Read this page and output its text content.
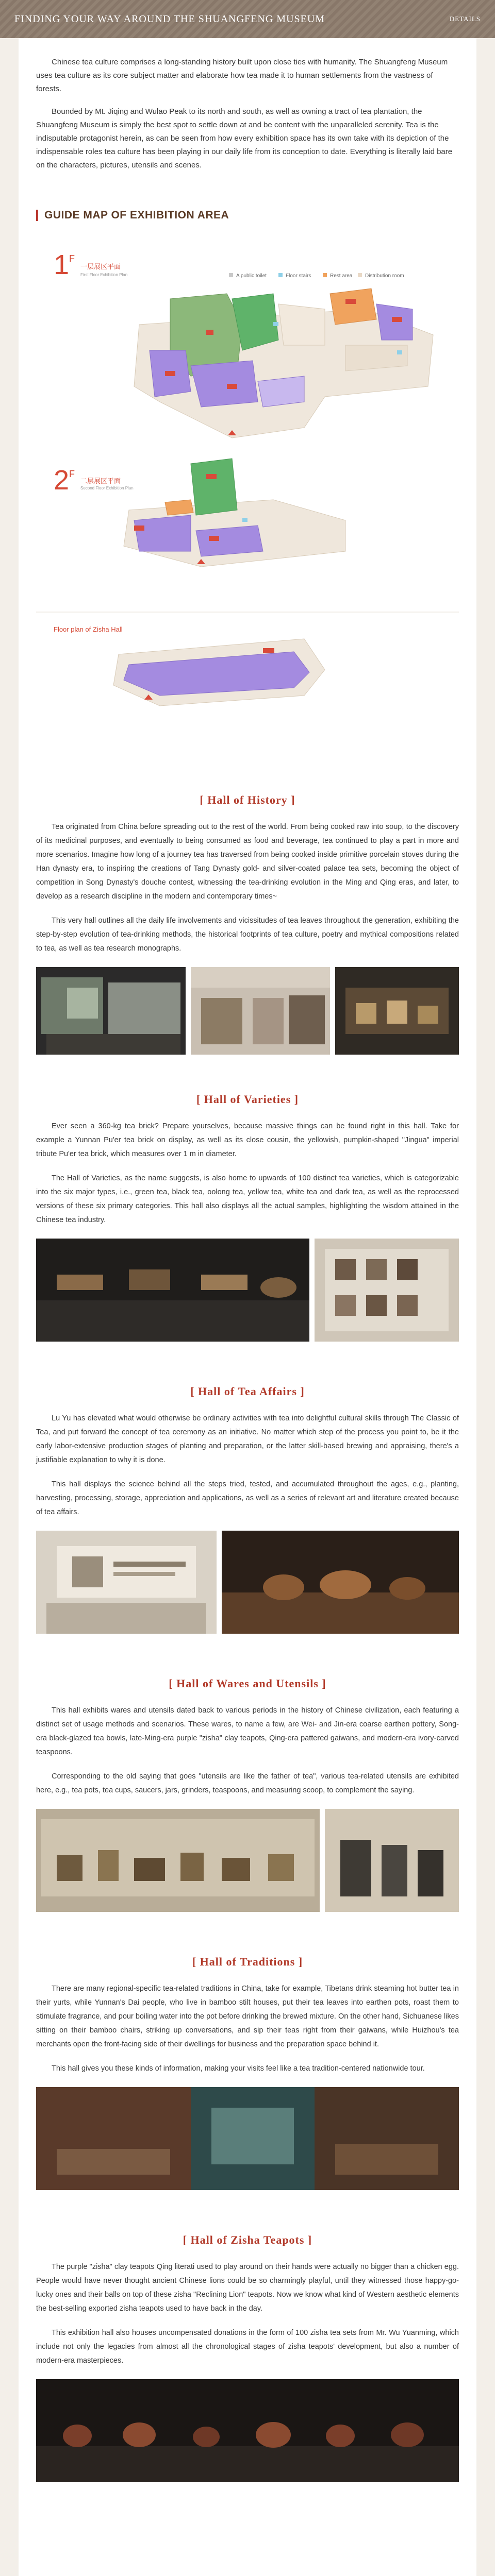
FINDING YOUR WAY AROUND THE SHUANGFENG MUSEUM	DETAILS

Chinese tea culture comprises a long-standing history built upon close ties with humanity. The Shuangfeng Museum uses tea culture as its core subject matter and elaborate how tea made it to human settlements from the vastness of forests.

Bounded by Mt. Jiqing and Wulao Peak to its north and south, as well as owning a tract of tea plantation, the Shuangfeng Museum is simply the best spot to settle down at and be content with the unparalleled serenity. Tea is the indisputable protagonist herein, as can be seen from how every exhibition space has its own take with its depiction of the indispensable roles tea culture has been playing in our daily life from its conception to date. Everything is literally laid bare on the characters, pictures, utensils and scenes.

GUIDE MAP OF EXHIBITION AREA
1 F
一层展区平面
First Floor Exhibition Plan	A public toilet	Floor stairs	Rest area Distribution room
2 F
二层展区平面
Second Floor Exhibition Plan
Floor plan of Zisha Hall
[ Hall of History ]

Tea originated from China before spreading out to the rest of the world. From being cooked raw into soup, to the discovery of its medicinal purposes, and eventually to being consumed as food and beverage, tea continued to play a part in more and more scenarios. Imagine how long of a journey tea has traversed from being cooked inside primitive porcelain stoves during the Han dynasty era, to inspiring the creations of Tang Dynasty gold- and silver-coated palace tea sets, becoming the object of competition in Song Dynasty's douche contest, witnessing the tea-drinking evolution in the Ming and Qing eras, and later, to develop as a research discipline in the modern and contemporary times~

This very hall outlines all the daily life involvements and vicissitudes of tea leaves throughout the generation, exhibiting the step-by-step evolution of tea-drinking methods, the historical footprints of tea culture, poetry and mythical compositions related to tea, as well as tea research monographs.

[ Hall of Varieties ]

Ever seen a 360-kg tea brick? Prepare yourselves, because massive things can be found right in this hall. Take for example a Yunnan Pu'er tea brick on display, as well as its close cousin, the yellowish, pumpkin-shaped "Jingua" imperial tribute Pu'er tea brick, which measures over 1 m in diameter.

The Hall of Varieties, as the name suggests, is also home to upwards of 100 distinct tea varieties, which is categorizable into the six major types, i.e., green tea, black tea, oolong tea, yellow tea, white tea and dark tea, as well as the reprocessed versions of these six primary categories. This hall also displays all the actual samples, highlighting the wisdom attained in the Chinese tea industry.

[ Hall of Tea Affairs ]

Lu Yu has elevated what would otherwise be ordinary activities with tea into delightful cultural skills through The Classic of Tea, and put forward the concept of tea ceremony as an initiative. No matter which step of the process you point to, be it the early labor-extensive production stages of planting and preparation, or the latter skill-based brewing and appraising, there's a justifiable explanation to why it is done.

This hall displays the science behind all the steps tried, tested, and accumulated throughout the ages, e.g., planting, harvesting, processing, storage, appreciation and applications, as well as a series of relevant art and literature created because of tea affairs.

[ Hall of Wares and Utensils ]

This hall exhibits wares and utensils dated back to various periods in the history of Chinese civilization, each featuring a distinct set of usage methods and scenarios. These wares, to name a few, are Wei- and Jin-era coarse earthen pottery, Song-era black-glazed tea bowls, late-Ming-era purple "zisha" clay teapots, Qing-era pattered gaiwans, and modern-era ivory-carved teaspoons.

Corresponding to the old saying that goes "utensils are like the father of tea", various tea-related utensils are exhibited here, e.g., tea pots, tea cups, saucers, jars, grinders, teaspoons, and measuring scoop, to complement the saying.

[ Hall of Traditions ]

There are many regional-specific tea-related traditions in China, take for example, Tibetans drink steaming hot butter tea in their yurts, while Yunnan's Dai people, who live in bamboo stilt houses, put their tea leaves into earthen pots, roast them to stimulate fragrance, and pour boiling water into the pot before drinking the brewed mixture. On the other hand, Sichuanese likes sitting on their bamboo chairs, striking up conversations, and sip their teas right from their gaiwans, while Huizhou's tea merchants open the front-facing side of their dwellings for business and the preparation space behind it.

This hall gives you these kinds of information, making your visits feel like a tea tradition-centered nationwide tour.

[ Hall of Zisha Teapots ]

The purple "zisha" clay teapots Qing literati used to play around on their hands were actually no bigger than a chicken egg. People would have never thought ancient Chinese lions could be so charmingly playful, until they witnessed those happy-go-lucky ones and their balls on top of these zisha "Reclining Lion" teapots. Now we know what kind of Western aesthetic elements the best-selling exported zisha teapots used to have back in the day.

This exhibition hall also houses uncompensated donations in the form of 100 zisha tea sets from Mr. Wu Yuanming, which include not only the legacies from almost all the chronological stages of zisha teapots' development, but also a number of modern-era masterpieces.
